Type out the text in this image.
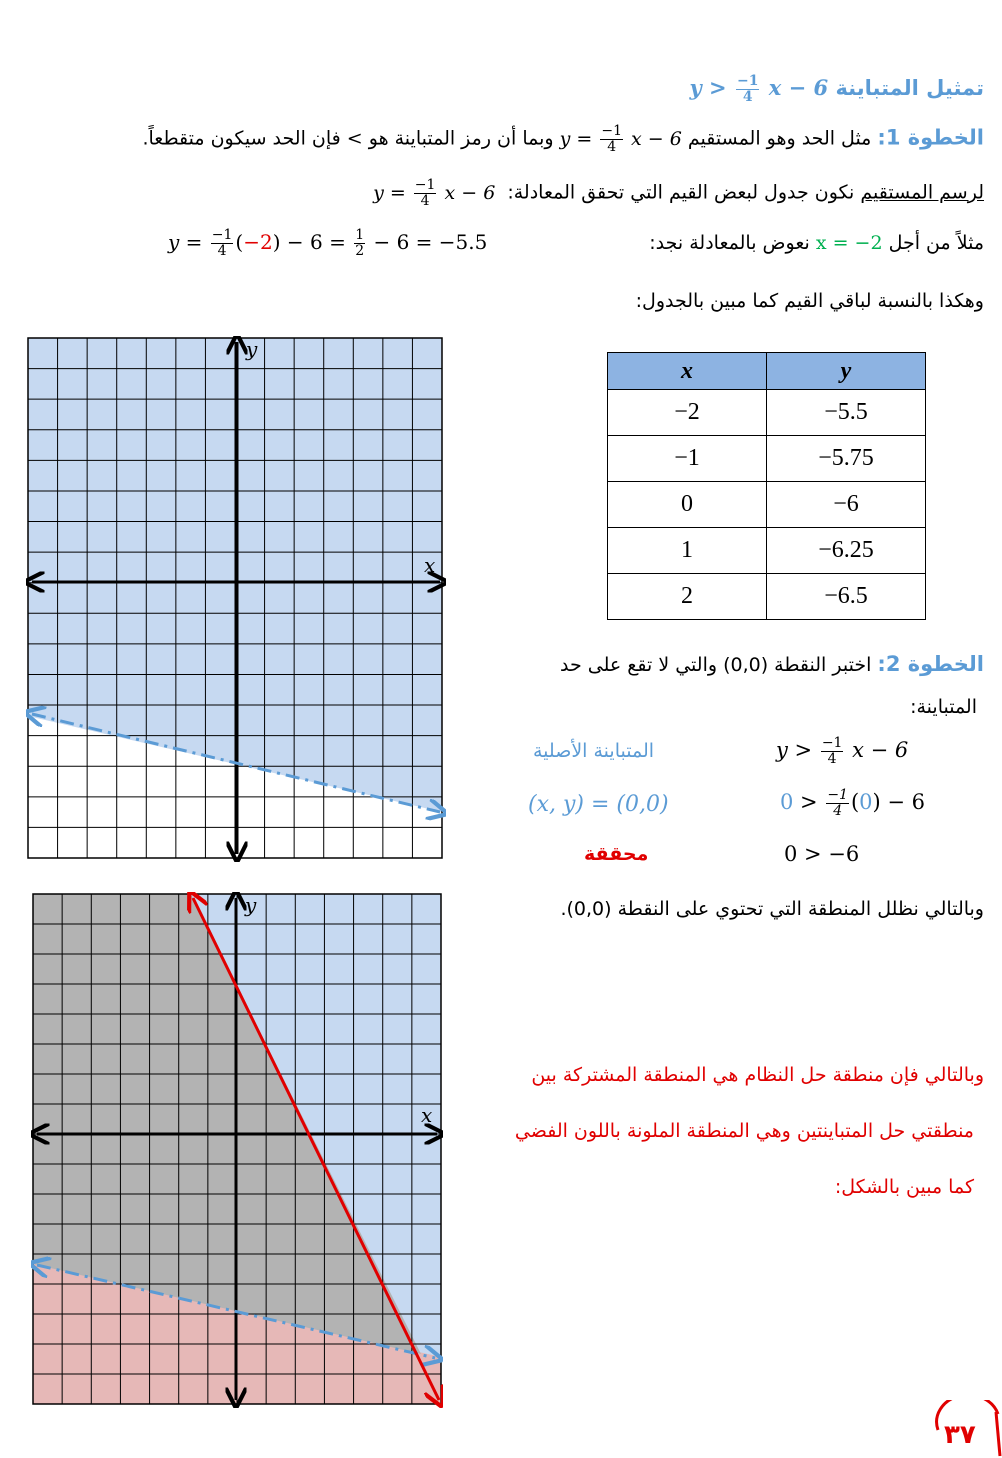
$y > \frac{-1}{4}$ x − 6 تمثيل المتباينة
الخطوة 1: مثل الحد وهو المستقيم $y = \frac{-1}{4}$ x − 6 وبما أن رمز المتباينة هو > فإن الحد سيكون متقطعاً.
لرسم المستقيم نكون جدول لبعض القيم التي تحقق المعادلة: $y = \frac{-1}{4}$ x − 6
مثلاً من أجل x = −2 نعوض بالمعادلة نجد:
$y = \frac{-1}{4} (-2) - 6 = \frac{1}{2} - 6 = -5.5$
وهكذا بالنسبة لباقي القيم كما مبين بالجدول:
x	y
−2	−5.5
−1	−5.75
0	−6
1	−6.25
2	−6.5
الخطوة 2: اختبر النقطة (0,0) والتي لا تقع على حد
المتباينة:
المتباينة الأصلية	$y > \frac{-1}{4}$ x − 6
(x, y) = (0,0)	$0 > \frac{-1}{4} (0) - 6$
محققة	0 > −6
وبالتالي نظلل المنطقة التي تحتوي على النقطة (0,0).
وبالتالي فإن منطقة حل النظام هي المنطقة المشتركة بين
منطقتي حل المتباينتين وهي المنطقة الملونة باللون الفضي
كما مبين بالشكل:
x
y
x
y
٣٧
